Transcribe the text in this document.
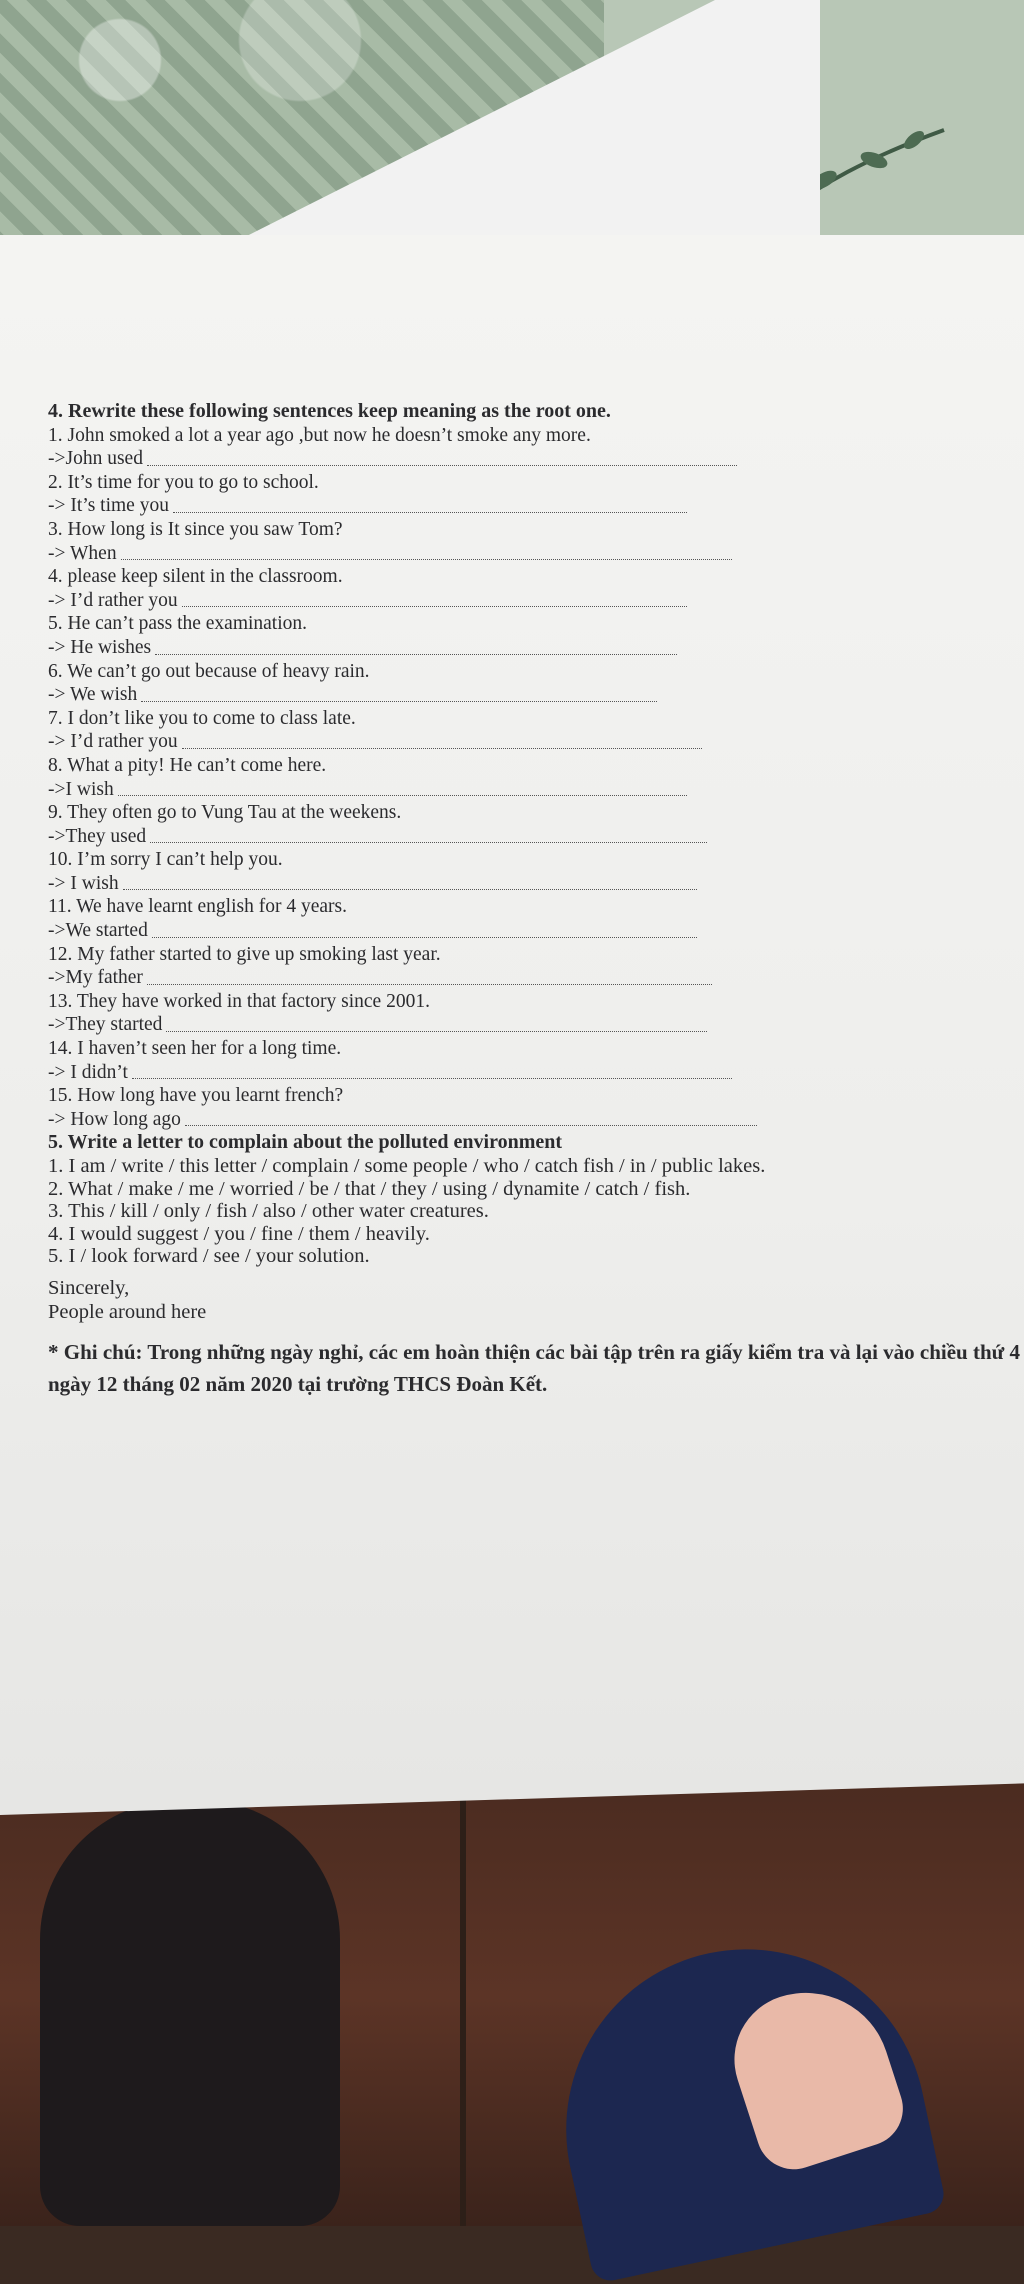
4. Rewrite these following sentences keep meaning as the root one.
1. John smoked a lot a year ago ,but now he doesn’t smoke any more.
->John used
2. It’s time for you to go to school.
-> It’s time you
3. How long is It since you saw Tom?
-> When
4. please keep silent in the classroom.
-> I’d rather you
5. He can’t pass the examination.
-> He wishes
6. We can’t go out because of heavy rain.
-> We wish
7. I don’t like you to come to class late.
-> I’d rather you
8. What a pity! He can’t come here.
->I wish
9. They often go to Vung Tau at the weekens.
->They used
10. I’m sorry I can’t help you.
-> I wish
11. We have learnt english for 4 years.
->We started
12. My father started to give up smoking last year.
->My father
13. They have worked in that factory since 2001.
->They started
14. I haven’t seen her for a long time.
-> I didn’t
15. How long have you learnt french?
-> How long ago
5. Write a letter to complain about the polluted environment
1. I am / write / this letter / complain / some people / who / catch fish / in / public lakes.
2. What / make / me / worried / be / that / they / using / dynamite / catch / fish.
3. This / kill / only / fish / also / other water creatures.
4. I would suggest / you / fine / them / heavily.
5. I / look forward / see / your solution.
Sincerely,
People around here
* Ghi chú: Trong những ngày nghỉ, các em hoàn thiện các bài tập trên ra giấy kiểm tra và lại vào chiều thứ 4 ngày 12 tháng 02 năm 2020 tại trường THCS Đoàn Kết.
